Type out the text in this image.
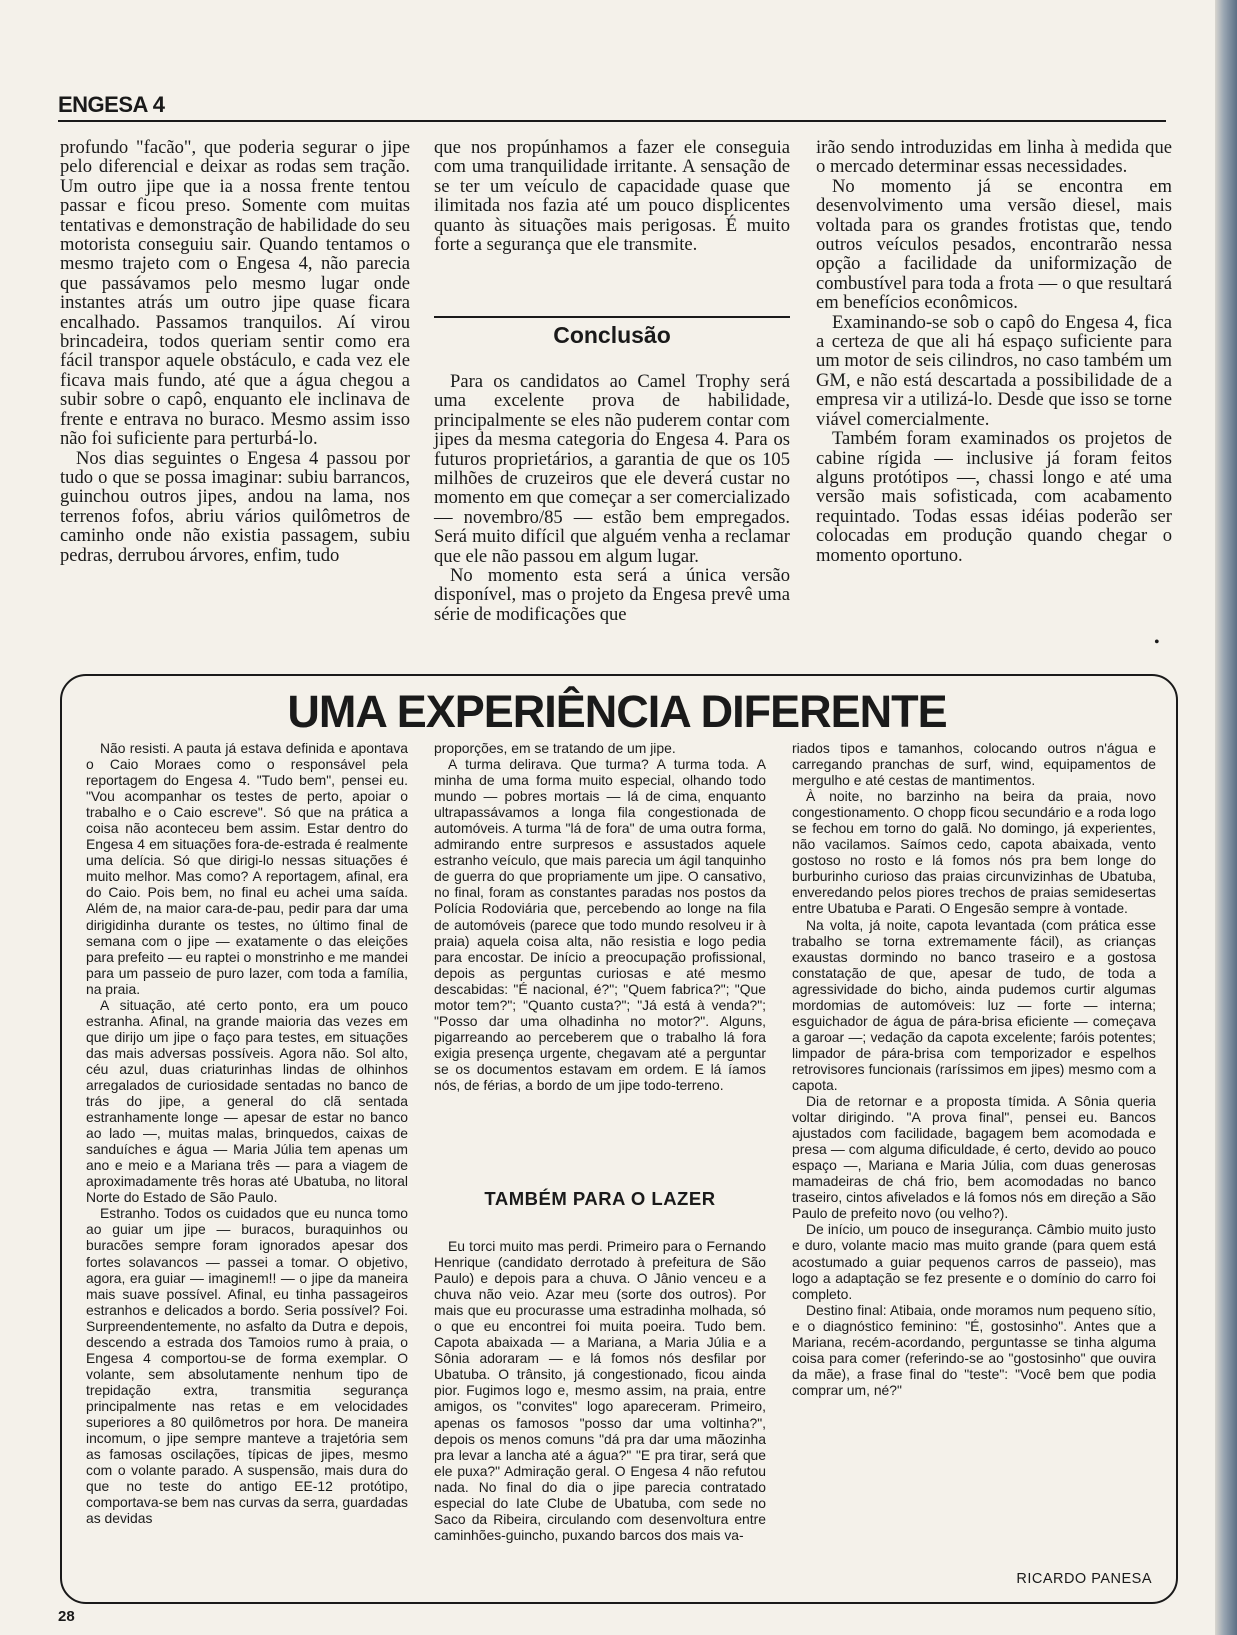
ENGESA 4

profundo "facão", que poderia segurar o jipe pelo diferencial e deixar as rodas sem tração. Um outro jipe que ia a nossa frente tentou passar e ficou preso. Somente com muitas tentativas e demonstração de habilidade do seu motorista conseguiu sair. Quando tentamos o mesmo trajeto com o Engesa 4, não parecia que passávamos pelo mesmo lugar onde instantes atrás um outro jipe quase ficara encalhado. Passamos tranquilos. Aí virou brincadeira, todos queriam sentir como era fácil transpor aquele obstáculo, e cada vez ele ficava mais fundo, até que a água chegou a subir sobre o capô, enquanto ele inclinava de frente e entrava no buraco. Mesmo assim isso não foi suficiente para perturbá-lo.

Nos dias seguintes o Engesa 4 passou por tudo o que se possa imaginar: subiu barrancos, guinchou outros jipes, andou na lama, nos terrenos fofos, abriu vários quilômetros de caminho onde não existia passagem, subiu pedras, derrubou árvores, enfim, tudo

que nos propúnhamos a fazer ele conseguia com uma tranquilidade irritante. A sensação de se ter um veículo de capacidade quase que ilimitada nos fazia até um pouco displicentes quanto às situações mais perigosas. É muito forte a segurança que ele transmite.

Conclusão

Para os candidatos ao Camel Trophy será uma excelente prova de habilidade, principalmente se eles não puderem contar com jipes da mesma categoria do Engesa 4. Para os futuros proprietários, a garantia de que os 105 milhões de cruzeiros que ele deverá custar no momento em que começar a ser comercializado — novembro/85 — estão bem empregados. Será muito difícil que alguém venha a reclamar que ele não passou em algum lugar.

No momento esta será a única versão disponível, mas o projeto da Engesa prevê uma série de modificações que

irão sendo introduzidas em linha à medida que o mercado determinar essas necessidades.

No momento já se encontra em desenvolvimento uma versão diesel, mais voltada para os grandes frotistas que, tendo outros veículos pesados, encontrarão nessa opção a facilidade da uniformização de combustível para toda a frota — o que resultará em benefícios econômicos.

Examinando-se sob o capô do Engesa 4, fica a certeza de que ali há espaço suficiente para um motor de seis cilindros, no caso também um GM, e não está descartada a possibilidade de a empresa vir a utilizá-lo. Desde que isso se torne viável comercialmente.

Também foram examinados os projetos de cabine rígida — inclusive já foram feitos alguns protótipos —, chassi longo e até uma versão mais sofisticada, com acabamento requintado. Todas essas idéias poderão ser colocadas em produção quando chegar o momento oportuno.

•
UMA EXPERIÊNCIA DIFERENTE

Não resisti. A pauta já estava definida e apontava o Caio Moraes como o responsável pela reportagem do Engesa 4. "Tudo bem", pensei eu. "Vou acompanhar os testes de perto, apoiar o trabalho e o Caio escreve". Só que na prática a coisa não aconteceu bem assim. Estar dentro do Engesa 4 em situações fora-de-estrada é realmente uma delícia. Só que dirigi-lo nessas situações é muito melhor. Mas como? A reportagem, afinal, era do Caio. Pois bem, no final eu achei uma saída. Além de, na maior cara-de-pau, pedir para dar uma dirigidinha durante os testes, no último final de semana com o jipe — exatamente o das eleições para prefeito — eu raptei o monstrinho e me mandei para um passeio de puro lazer, com toda a família, na praia.

A situação, até certo ponto, era um pouco estranha. Afinal, na grande maioria das vezes em que dirijo um jipe o faço para testes, em situações das mais adversas possíveis. Agora não. Sol alto, céu azul, duas criaturinhas lindas de olhinhos arregalados de curiosidade sentadas no banco de trás do jipe, a general do clã sentada estranhamente longe — apesar de estar no banco ao lado —, muitas malas, brinquedos, caixas de sanduíches e água — Maria Júlia tem apenas um ano e meio e a Mariana três — para a viagem de aproximadamente três horas até Ubatuba, no litoral Norte do Estado de São Paulo.

Estranho. Todos os cuidados que eu nunca tomo ao guiar um jipe — buracos, buraquinhos ou buracões sempre foram ignorados apesar dos fortes solavancos — passei a tomar. O objetivo, agora, era guiar — imaginem!! — o jipe da maneira mais suave possível. Afinal, eu tinha passageiros estranhos e delicados a bordo. Seria possível? Foi. Surpreendentemente, no asfalto da Dutra e depois, descendo a estrada dos Tamoios rumo à praia, o Engesa 4 comportou-se de forma exemplar. O volante, sem absolutamente nenhum tipo de trepidação extra, transmitia segurança principalmente nas retas e em velocidades superiores a 80 quilômetros por hora. De maneira incomum, o jipe sempre manteve a trajetória sem as famosas oscilações, típicas de jipes, mesmo com o volante parado. A suspensão, mais dura do que no teste do antigo EE-12 protótipo, comportava-se bem nas curvas da serra, guardadas as devidas

proporções, em se tratando de um jipe.

A turma delirava. Que turma? A turma toda. A minha de uma forma muito especial, olhando todo mundo — pobres mortais — lá de cima, enquanto ultrapassávamos a longa fila congestionada de automóveis. A turma "lá de fora" de uma outra forma, admirando entre surpresos e assustados aquele estranho veículo, que mais parecia um ágil tanquinho de guerra do que propriamente um jipe. O cansativo, no final, foram as constantes paradas nos postos da Polícia Rodoviária que, percebendo ao longe na fila de automóveis (parece que todo mundo resolveu ir à praia) aquela coisa alta, não resistia e logo pedia para encostar. De início a preocupação profissional, depois as perguntas curiosas e até mesmo descabidas: "É nacional, é?"; "Quem fabrica?"; "Que motor tem?"; "Quanto custa?"; "Já está à venda?"; "Posso dar uma olhadinha no motor?". Alguns, pigarreando ao perceberem que o trabalho lá fora exigia presença urgente, chegavam até a perguntar se os documentos estavam em ordem. E lá íamos nós, de férias, a bordo de um jipe todo-terreno.

TAMBÉM PARA O LAZER

Eu torci muito mas perdi. Primeiro para o Fernando Henrique (candidato derrotado à prefeitura de São Paulo) e depois para a chuva. O Jânio venceu e a chuva não veio. Azar meu (sorte dos outros). Por mais que eu procurasse uma estradinha molhada, só o que eu encontrei foi muita poeira. Tudo bem. Capota abaixada — a Mariana, a Maria Júlia e a Sônia adoraram — e lá fomos nós desfilar por Ubatuba. O trânsito, já congestionado, ficou ainda pior. Fugimos logo e, mesmo assim, na praia, entre amigos, os "convites" logo apareceram. Primeiro, apenas os famosos "posso dar uma voltinha?", depois os menos comuns "dá pra dar uma mãozinha pra levar a lancha até a água?" "E pra tirar, será que ele puxa?" Admiração geral. O Engesa 4 não refutou nada. No final do dia o jipe parecia contratado especial do Iate Clube de Ubatuba, com sede no Saco da Ribeira, circulando com desenvoltura entre caminhões-guincho, puxando barcos dos mais va-

riados tipos e tamanhos, colocando outros n'água e carregando pranchas de surf, wind, equipamentos de mergulho e até cestas de mantimentos.

À noite, no barzinho na beira da praia, novo congestionamento. O chopp ficou secundário e a roda logo se fechou em torno do galã. No domingo, já experientes, não vacilamos. Saímos cedo, capota abaixada, vento gostoso no rosto e lá fomos nós pra bem longe do burburinho curioso das praias circunvizinhas de Ubatuba, enveredando pelos piores trechos de praias semidesertas entre Ubatuba e Parati. O Engesão sempre à vontade.

Na volta, já noite, capota levantada (com prática esse trabalho se torna extremamente fácil), as crianças exaustas dormindo no banco traseiro e a gostosa constatação de que, apesar de tudo, de toda a agressividade do bicho, ainda pudemos curtir algumas mordomias de automóveis: luz — forte — interna; esguichador de água de pára-brisa eficiente — começava a garoar —; vedação da capota excelente; faróis potentes; limpador de pára-brisa com temporizador e espelhos retrovisores funcionais (raríssimos em jipes) mesmo com a capota.

Dia de retornar e a proposta tímida. A Sônia queria voltar dirigindo. "A prova final", pensei eu. Bancos ajustados com facilidade, bagagem bem acomodada e presa — com alguma dificuldade, é certo, devido ao pouco espaço —, Mariana e Maria Júlia, com duas generosas mamadeiras de chá frio, bem acomodadas no banco traseiro, cintos afivelados e lá fomos nós em direção a São Paulo de prefeito novo (ou velho?).

De início, um pouco de insegurança. Câmbio muito justo e duro, volante macio mas muito grande (para quem está acostumado a guiar pequenos carros de passeio), mas logo a adaptação se fez presente e o domínio do carro foi completo.

Destino final: Atibaia, onde moramos num pequeno sítio, e o diagnóstico feminino: "É, gostosinho". Antes que a Mariana, recém-acordando, perguntasse se tinha alguma coisa para comer (referindo-se ao "gostosinho" que ouvira da mãe), a frase final do "teste": "Você bem que podia comprar um, né?"

RICARDO PANESA
28
